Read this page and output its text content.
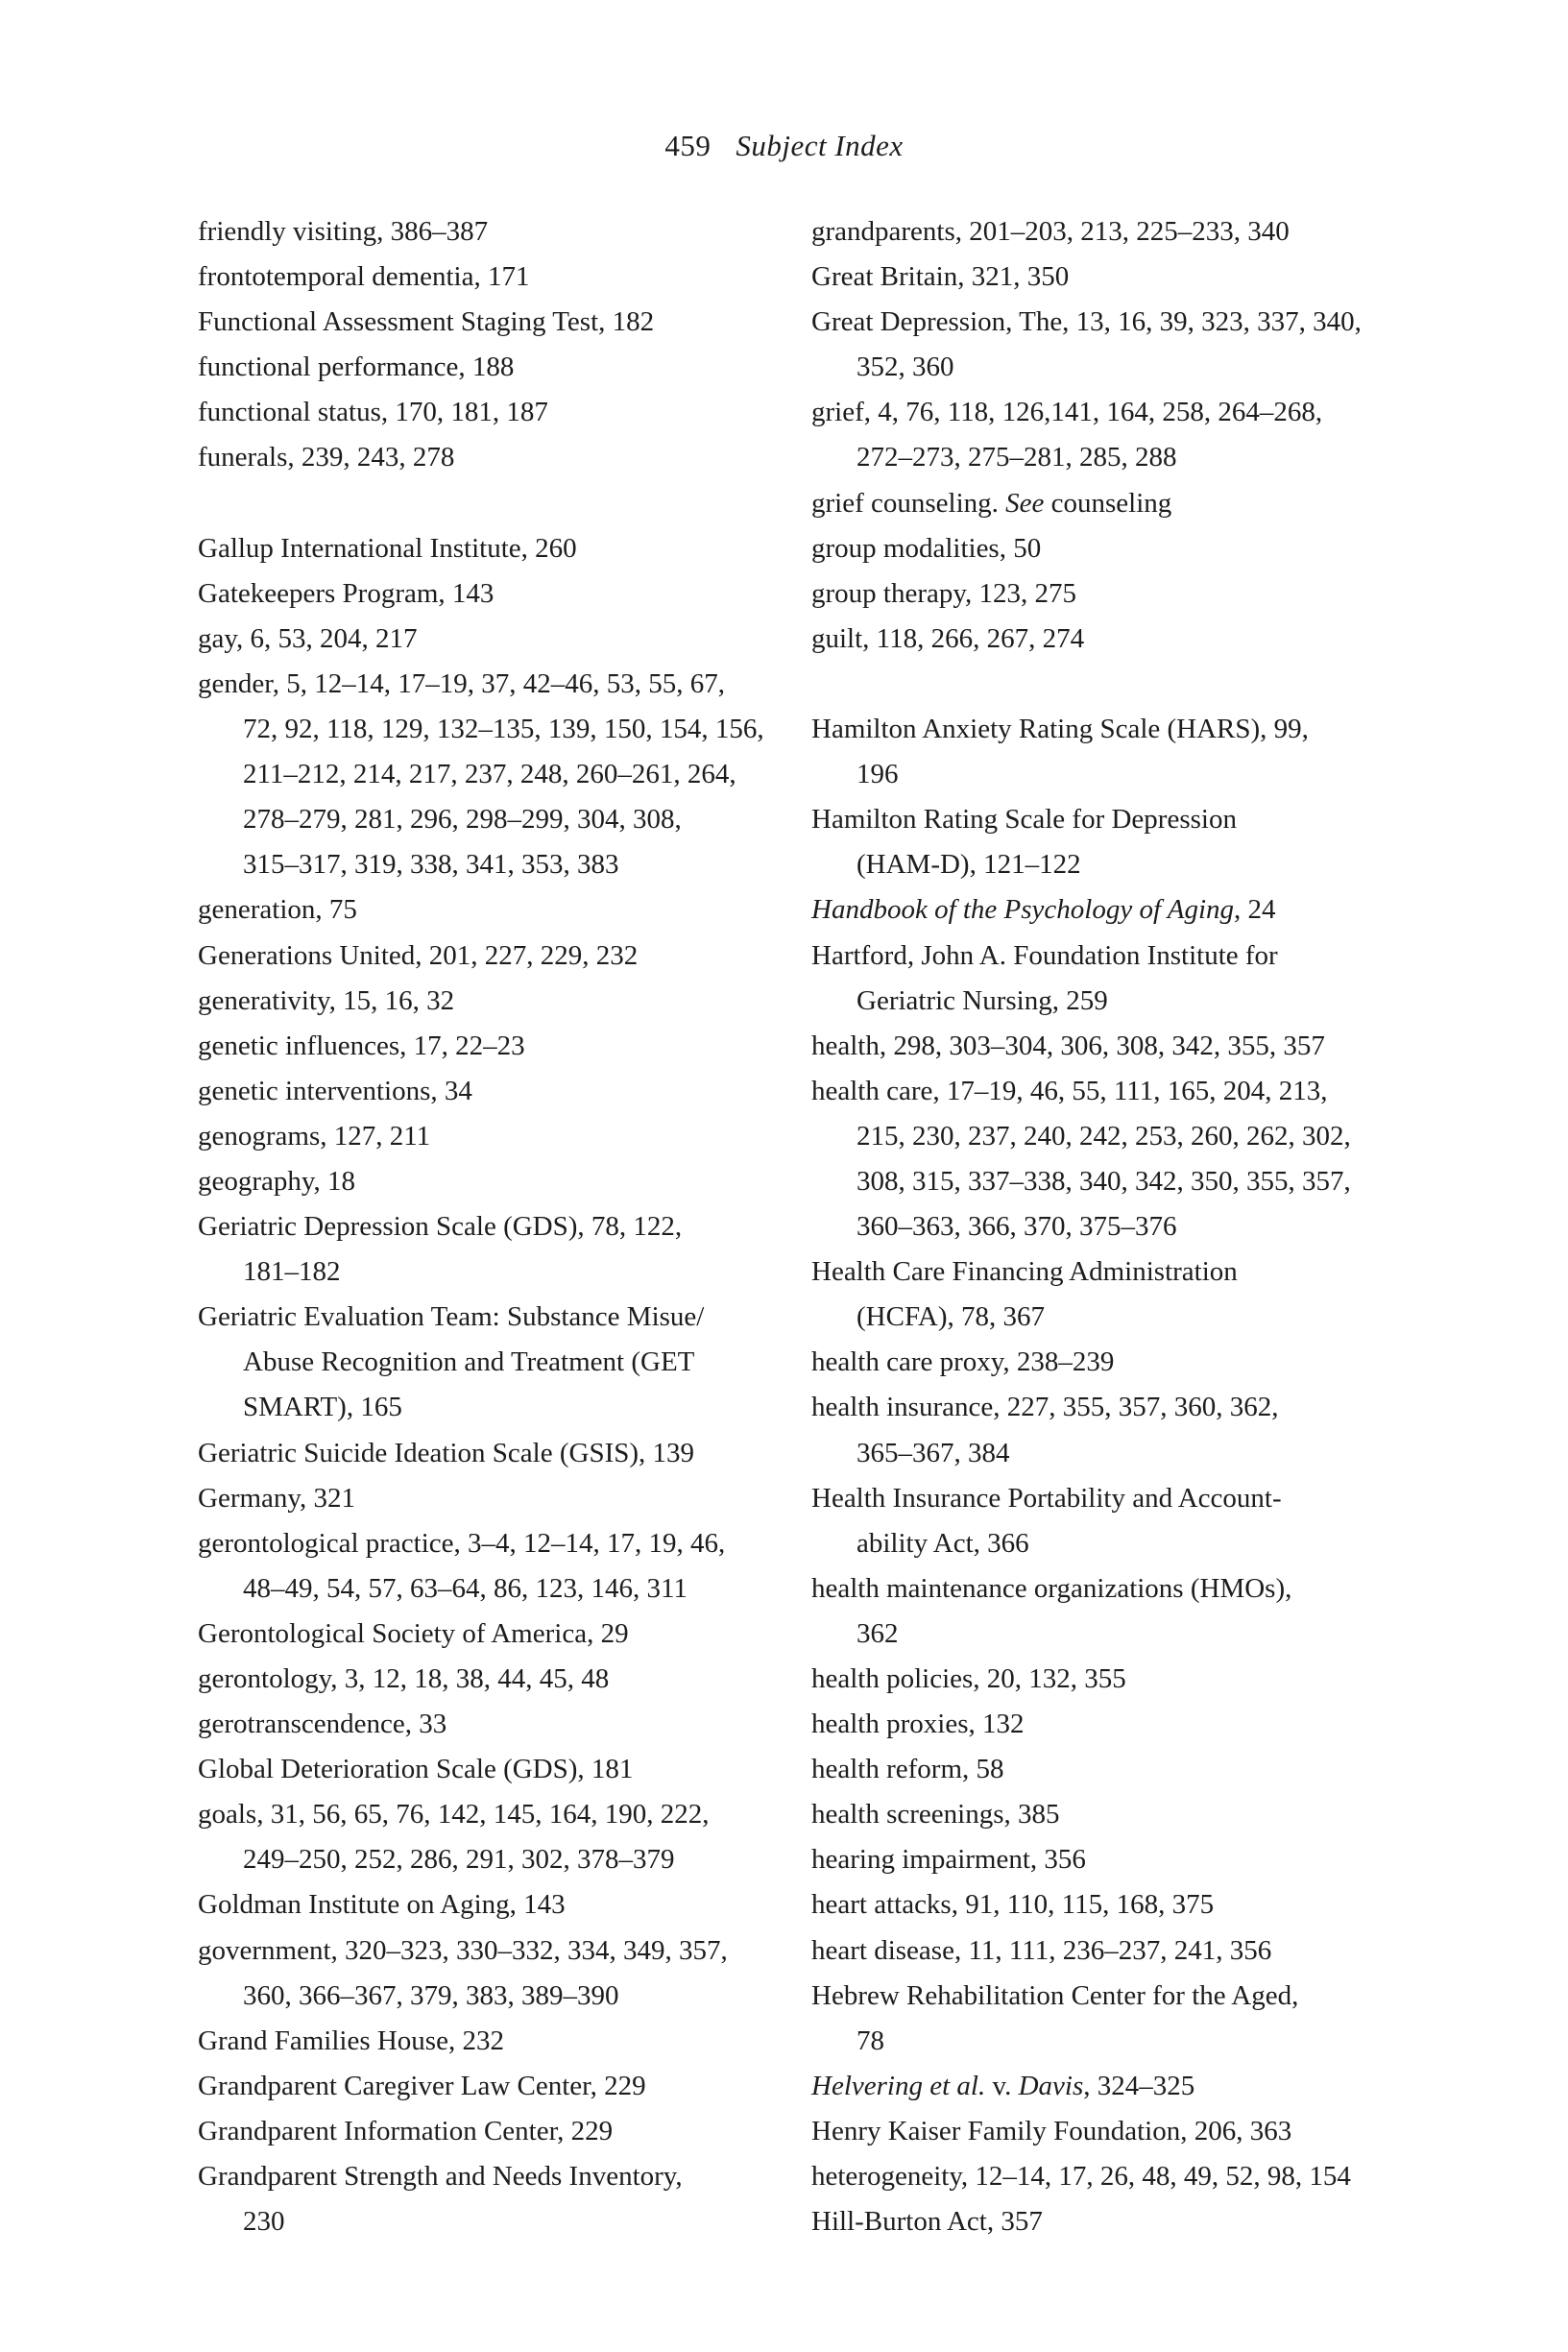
459 Subject Index
friendly visiting, 386–387
frontotemporal dementia, 171
Functional Assessment Staging Test, 182
functional performance, 188
functional status, 170, 181, 187
funerals, 239, 243, 278
Gallup International Institute, 260
Gatekeepers Program, 143
gay, 6, 53, 204, 217
gender, 5, 12–14, 17–19, 37, 42–46, 53, 55, 67,
72, 92, 118, 129, 132–135, 139, 150, 154, 156,
211–212, 214, 217, 237, 248, 260–261, 264,
278–279, 281, 296, 298–299, 304, 308,
315–317, 319, 338, 341, 353, 383
generation, 75
Generations United, 201, 227, 229, 232
generativity, 15, 16, 32
genetic influences, 17, 22–23
genetic interventions, 34
genograms, 127, 211
geography, 18
Geriatric Depression Scale (GDS), 78, 122,
181–182
Geriatric Evaluation Team: Substance Misue/
Abuse Recognition and Treatment (GET
SMART), 165
Geriatric Suicide Ideation Scale (GSIS), 139
Germany, 321
gerontological practice, 3–4, 12–14, 17, 19, 46,
48–49, 54, 57, 63–64, 86, 123, 146, 311
Gerontological Society of America, 29
gerontology, 3, 12, 18, 38, 44, 45, 48
gerotranscendence, 33
Global Deterioration Scale (GDS), 181
goals, 31, 56, 65, 76, 142, 145, 164, 190, 222,
249–250, 252, 286, 291, 302, 378–379
Goldman Institute on Aging, 143
government, 320–323, 330–332, 334, 349, 357,
360, 366–367, 379, 383, 389–390
Grand Families House, 232
Grandparent Caregiver Law Center, 229
Grandparent Information Center, 229
Grandparent Strength and Needs Inventory,
230
grandparents, 201–203, 213, 225–233, 340
Great Britain, 321, 350
Great Depression, The, 13, 16, 39, 323, 337, 340,
352, 360
grief, 4, 76, 118, 126,141, 164, 258, 264–268,
272–273, 275–281, 285, 288
grief counseling. See counseling
group modalities, 50
group therapy, 123, 275
guilt, 118, 266, 267, 274
Hamilton Anxiety Rating Scale (HARS), 99,
196
Hamilton Rating Scale for Depression
(HAM-D), 121–122
Handbook of the Psychology of Aging, 24
Hartford, John A. Foundation Institute for
Geriatric Nursing, 259
health, 298, 303–304, 306, 308, 342, 355, 357
health care, 17–19, 46, 55, 111, 165, 204, 213,
215, 230, 237, 240, 242, 253, 260, 262, 302,
308, 315, 337–338, 340, 342, 350, 355, 357,
360–363, 366, 370, 375–376
Health Care Financing Administration
(HCFA), 78, 367
health care proxy, 238–239
health insurance, 227, 355, 357, 360, 362,
365–367, 384
Health Insurance Portability and Account-
ability Act, 366
health maintenance organizations (HMOs),
362
health policies, 20, 132, 355
health proxies, 132
health reform, 58
health screenings, 385
hearing impairment, 356
heart attacks, 91, 110, 115, 168, 375
heart disease, 11, 111, 236–237, 241, 356
Hebrew Rehabilitation Center for the Aged,
78
Helvering et al. v. Davis, 324–325
Henry Kaiser Family Foundation, 206, 363
heterogeneity, 12–14, 17, 26, 48, 49, 52, 98, 154
Hill-Burton Act, 357
